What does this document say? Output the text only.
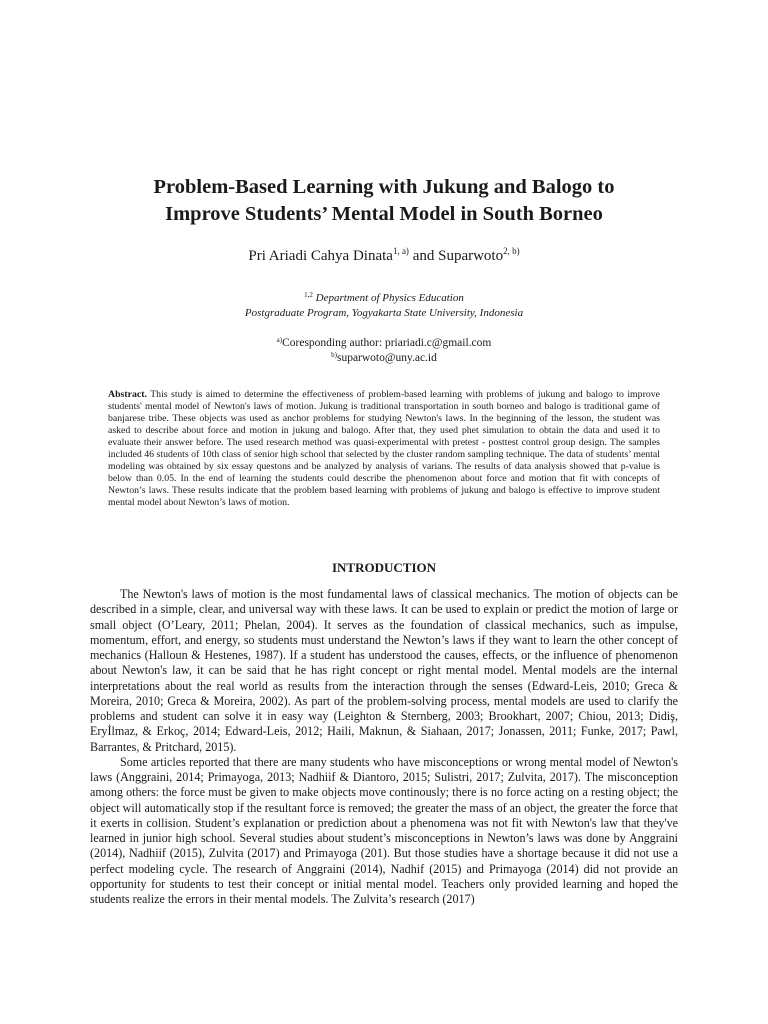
Problem-Based Learning with Jukung and Balogo to
Improve Students’ Mental Model in South Borneo
Pri Ariadi Cahya Dinata$^{1, a)}$ and Suparwoto$^{2, b)}$
$^{1,2}$ Department of Physics Education
Postgraduate Program, Yogyakarta State University, Indonesia
$^{a)}$Coresponding author: priariadi.c@gmail.com
$^{b)}$suparwoto@uny.ac.id
Abstract. This study is aimed to determine the effectiveness of problem-based learning with problems of jukung and balogo to improve students' mental model of Newton's laws of motion. Jukung is traditional transportation in south borneo and balogo is traditional game of banjarese tribe. These objects was used as anchor problems for studying Newton's laws. In the beginning of the lesson, the student was asked to describe about force and motion in jukung and balogo. After that, they used phet simulation to obtain the data and used it to evaluate their answer before. The used research method was quasi-experimental with pretest - posttest control group design. The samples included 46 students of 10th class of senior high school that selected by the cluster random sampling technique. The data of students’ mental modeling was obtained by six essay questons and be analyzed by analysis of varians. The results of data analysis showed that p-value is below than 0.05. In the end of learning the students could describe the phenomenon about force and motion that fit with concepts of Newton’s laws. These results indicate that the problem based learning with problems of jukung and balogo is effective to improve student mental model about Newton’s laws of motion.
INTRODUCTION

The Newton's laws of motion is the most fundamental laws of classical mechanics. The motion of objects can be described in a simple, clear, and universal way with these laws. It can be used to explain or predict the motion of large or small object (O’Leary, 2011; Phelan, 2004). It serves as the foundation of classical mechanics, such as impulse, momentum, effort, and energy, so students must understand the Newton’s laws if they want to learn the other concept of mechanics (Halloun & Hestenes, 1987). If a student has understood the causes, effects, or the influence of phenomenon about Newton's law, it can be said that he has right concept or right mental model. Mental models are the internal interpretations about the real world as results from the interaction through the senses (Edward-Leis, 2010; Greca & Moreira, 2010; Greca & Moreira, 2002). As part of the problem-solving process, mental models are used to clarify the problems and student can solve it in easy way (Leighton & Sternberg, 2003; Brookhart, 2007; Chiou, 2013; Didiş, Eryİlmaz, & Erkoç, 2014; Edward-Leis, 2012; Haili, Maknun, & Siahaan, 2017; Jonassen, 2011; Funke, 2017; Pawl, Barrantes, & Pritchard, 2015).

Some articles reported that there are many students who have misconceptions or wrong mental model of Newton's laws (Anggraini, 2014; Primayoga, 2013; Nadhiif & Diantoro, 2015; Sulistri, 2017; Zulvita, 2017). The misconception among others: the force must be given to make objects move continously; there is no force acting on a resting object; the object will automatically stop if the resultant force is removed; the greater the mass of an object, the greater the force that it exerts in collision. Student’s explanation or prediction about a phenomena was not fit with Newton's law that they've learned in junior high school. Several studies about student’s misconceptions in Newton’s laws was done by Anggraini (2014), Nadhiif (2015), Zulvita (2017) and Primayoga (201). But those studies have a shortage because it did not use a perfect modeling cycle. The research of Anggraini (2014), Nadhif (2015) and Primayoga (2014) did not provide an opportunity for students to test their concept or initial mental model. Teachers only provided learning and hoped the students realize the errors in their mental models. The Zulvita’s research (2017)
